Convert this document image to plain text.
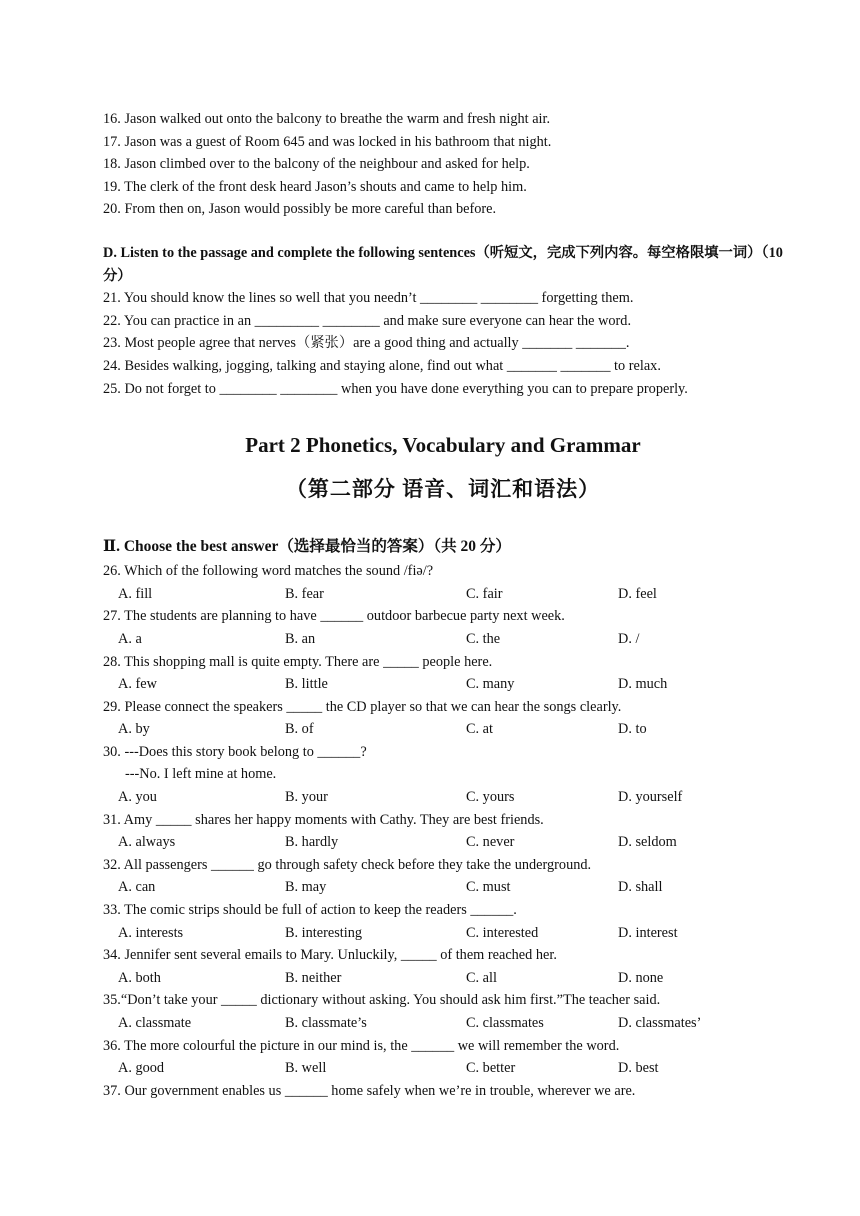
16. Jason walked out onto the balcony to breathe the warm and fresh night air.
17. Jason was a guest of Room 645 and was locked in his bathroom that night.
18. Jason climbed over to the balcony of the neighbour and asked for help.
19. The clerk of the front desk heard Jason’s shouts and came to help him.
20. From then on, Jason would possibly be more careful than before.
D. Listen to the passage and complete the following sentences（听短文，完成下列内容。每空格限填一词）（10 分）
21. You should know the lines so well that you needn’t ________ ________ forgetting them.
22. You can practice in an _________ ________ and make sure everyone can hear the word.
23. Most people agree that nerves（紧张）are a good thing and actually _______ _______.
24. Besides walking, jogging, talking and staying alone, find out what _______ _______ to relax.
25. Do not forget to ________ ________ when you have done everything you can to prepare properly.
Part 2 Phonetics, Vocabulary and Grammar
（第二部分 语音、词汇和语法）
Ⅱ. Choose the best answer（选择最恰当的答案）（共 20 分）
26. Which of the following word matches the sound /fiə/?
A. fill	B. fear	C. fair	D. feel
27. The students are planning to have ______ outdoor barbecue party next week.
A. a	B. an	C. the	D. /
28. This shopping mall is quite empty. There are _____ people here.
A. few	B. little	C. many	D. much
29. Please connect the speakers _____ the CD player so that we can hear the songs clearly.
A. by	B. of	C. at	D. to
30. ---Does this story book belong to ______?
---No. I left mine at home.
A. you	B. your	C. yours	D. yourself
31. Amy _____ shares her happy moments with Cathy. They are best friends.
A. always	B. hardly	C. never	D. seldom
32. All passengers ______ go through safety check before they take the underground.
A. can	B. may	C. must	D. shall
33. The comic strips should be full of action to keep the readers ______.
A. interests	B. interesting	C. interested	D. interest
34. Jennifer sent several emails to Mary. Unluckily, _____ of them reached her.
A. both	B. neither	C. all	D. none
35.“Don’t take your _____ dictionary without asking. You should ask him first.”The teacher said.
A. classmate	B. classmate’s	C. classmates	D. classmates’
36. The more colourful the picture in our mind is, the ______ we will remember the word.
A. good	B. well	C. better	D. best
37. Our government enables us ______ home safely when we’re in trouble, wherever we are.
